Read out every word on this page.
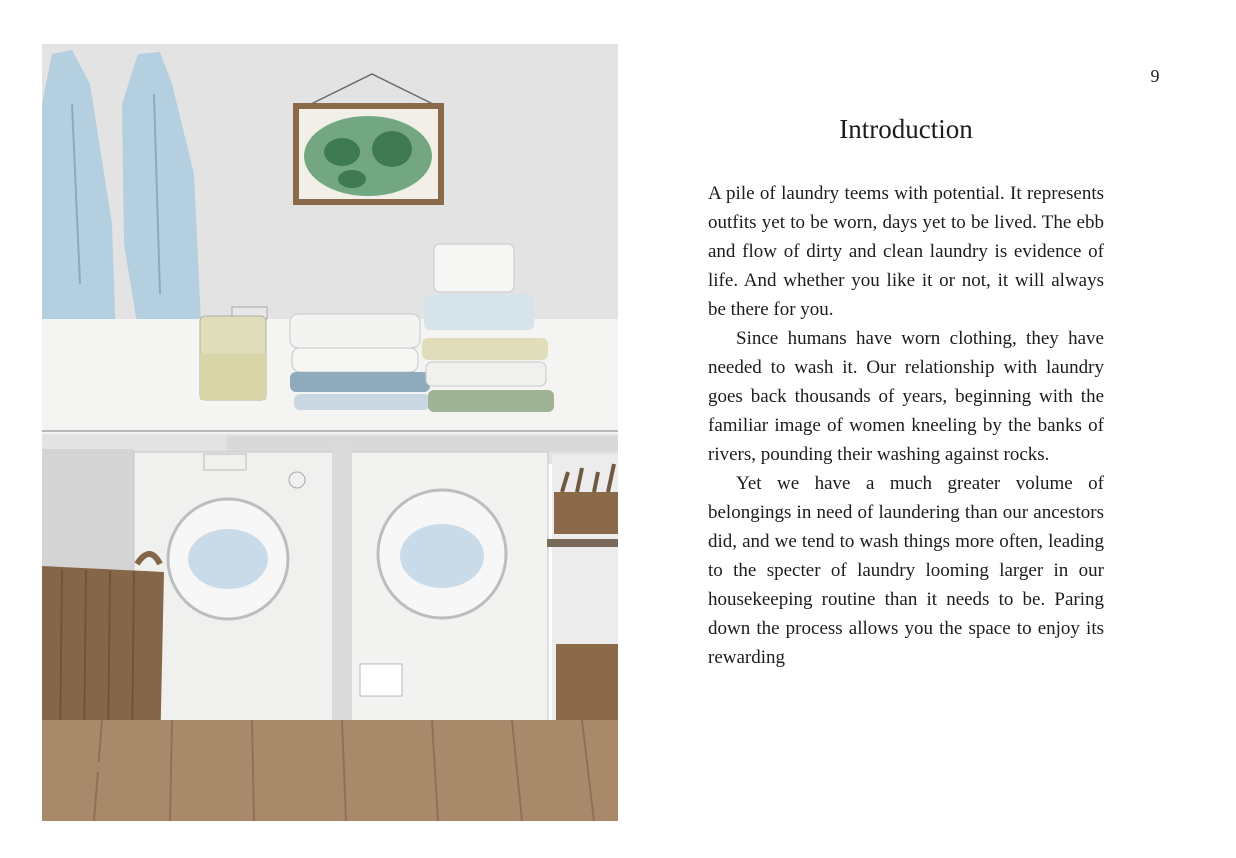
9
Introduction

A pile of laundry teems with potential. It represents outfits yet to be worn, days yet to be lived. The ebb and flow of dirty and clean laundry is evidence of life. And whether you like it or not, it will always be there for you.

Since humans have worn clothing, they have needed to wash it. Our relationship with laundry goes back thousands of years, beginning with the familiar image of women kneeling by the banks of rivers, pounding their washing against rocks.

Yet we have a much greater volume of belongings in need of laundering than our ancestors did, and we tend to wash things more often, leading to the specter of laundry looming larger in our housekeeping routine than it needs to be. Paring down the process allows you the space to enjoy its rewarding
